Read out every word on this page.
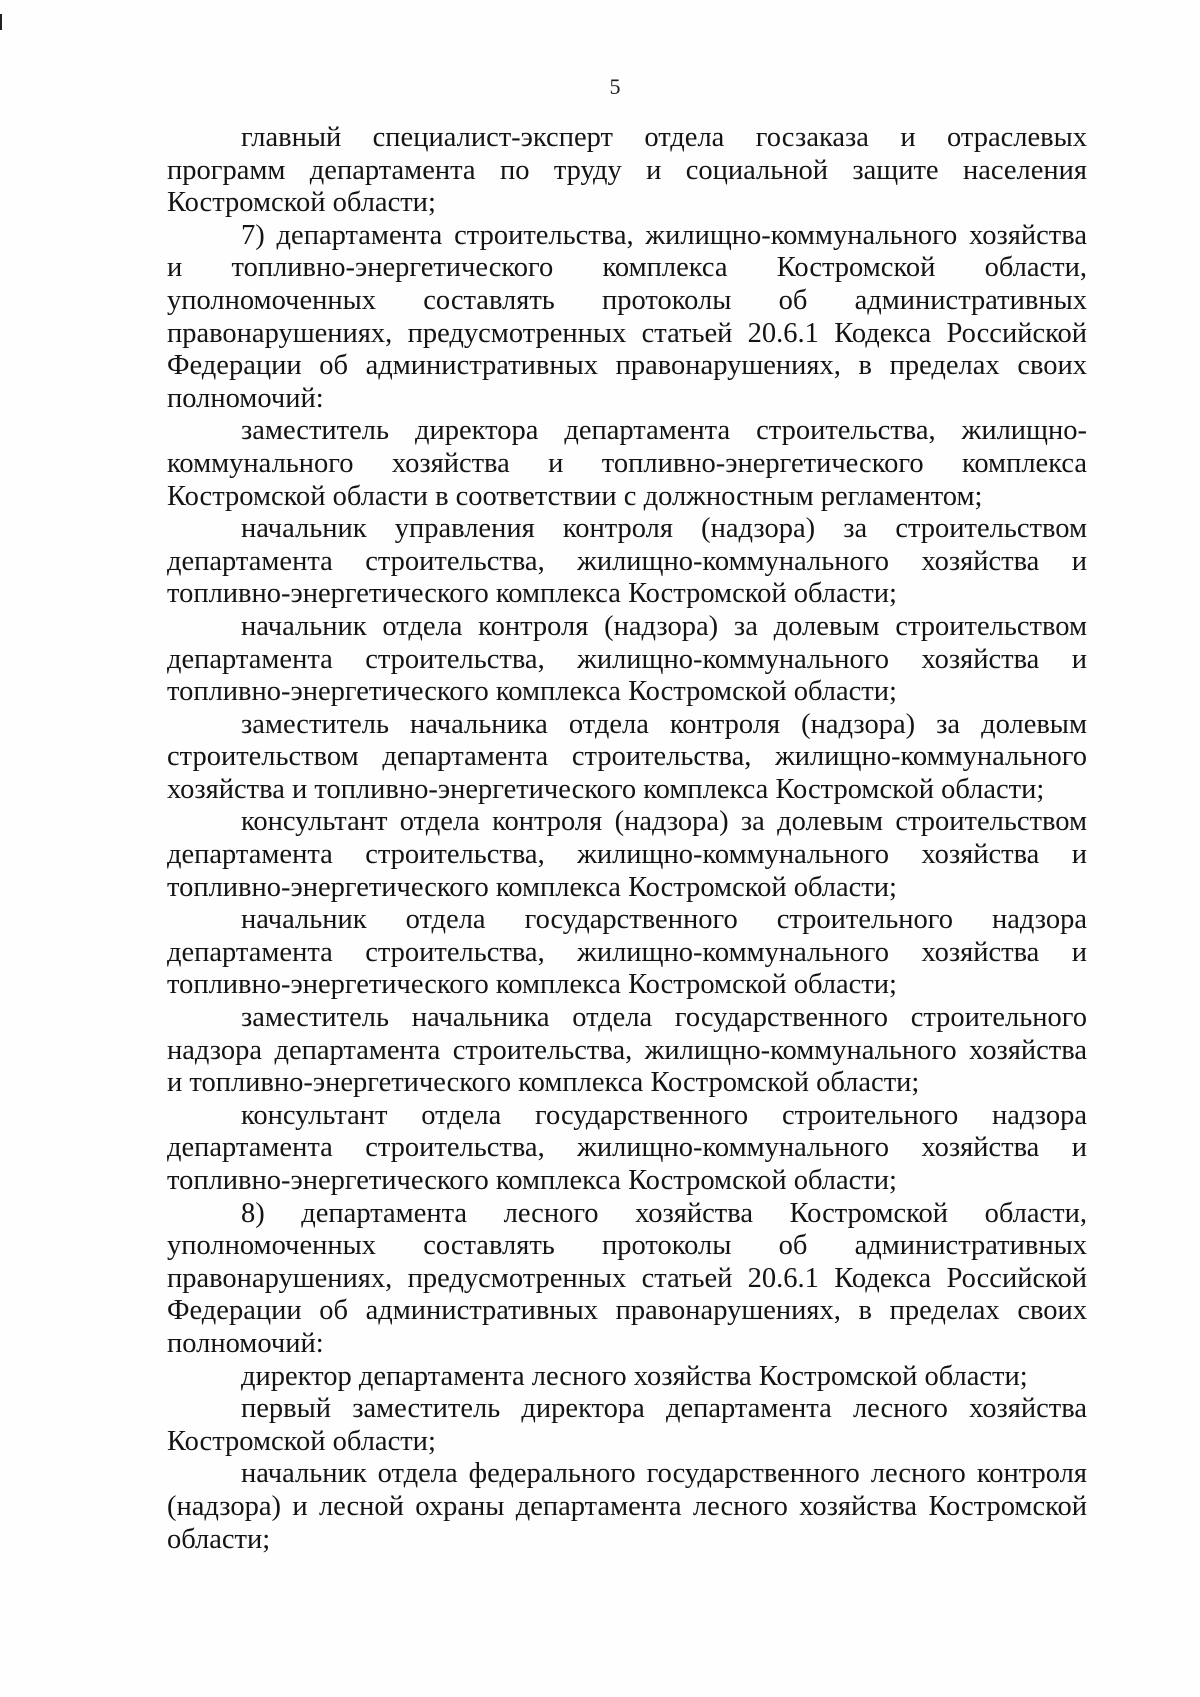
5

главный специалист-эксперт отдела госзаказа и отраслевых программ департамента по труду и социальной защите населения Костромской области;

7) департамента строительства, жилищно-коммунального хозяйства и топливно-энергетического комплекса Костромской области, уполномоченных составлять протоколы об административных правонарушениях, предусмотренных статьей 20.6.1 Кодекса Российской Федерации об административных правонарушениях, в пределах своих полномочий:

заместитель директора департамента строительства, жилищно-коммунального хозяйства и топливно-энергетического комплекса Костромской области в соответствии с должностным регламентом;

начальник управления контроля (надзора) за строительством департамента строительства, жилищно-коммунального хозяйства и топливно-энергетического комплекса Костромской области;

начальник отдела контроля (надзора) за долевым строительством департамента строительства, жилищно-коммунального хозяйства и топливно-энергетического комплекса Костромской области;

заместитель начальника отдела контроля (надзора) за долевым строительством департамента строительства, жилищно-коммунального хозяйства и топливно-энергетического комплекса Костромской области;

консультант отдела контроля (надзора) за долевым строительством департамента строительства, жилищно-коммунального хозяйства и топливно-энергетического комплекса Костромской области;

начальник отдела государственного строительного надзора департамента строительства, жилищно-коммунального хозяйства и топливно-энергетического комплекса Костромской области;

заместитель начальника отдела государственного строительного надзора департамента строительства, жилищно-коммунального хозяйства и топливно-энергетического комплекса Костромской области;

консультант отдела государственного строительного надзора департамента строительства, жилищно-коммунального хозяйства и топливно-энергетического комплекса Костромской области;

8) департамента лесного хозяйства Костромской области, уполномоченных составлять протоколы об административных правонарушениях, предусмотренных статьей 20.6.1 Кодекса Российской Федерации об административных правонарушениях, в пределах своих полномочий:

директор департамента лесного хозяйства Костромской области;

первый заместитель директора департамента лесного хозяйства Костромской области;

начальник отдела федерального государственного лесного контроля (надзора) и лесной охраны департамента лесного хозяйства Костромской области;
